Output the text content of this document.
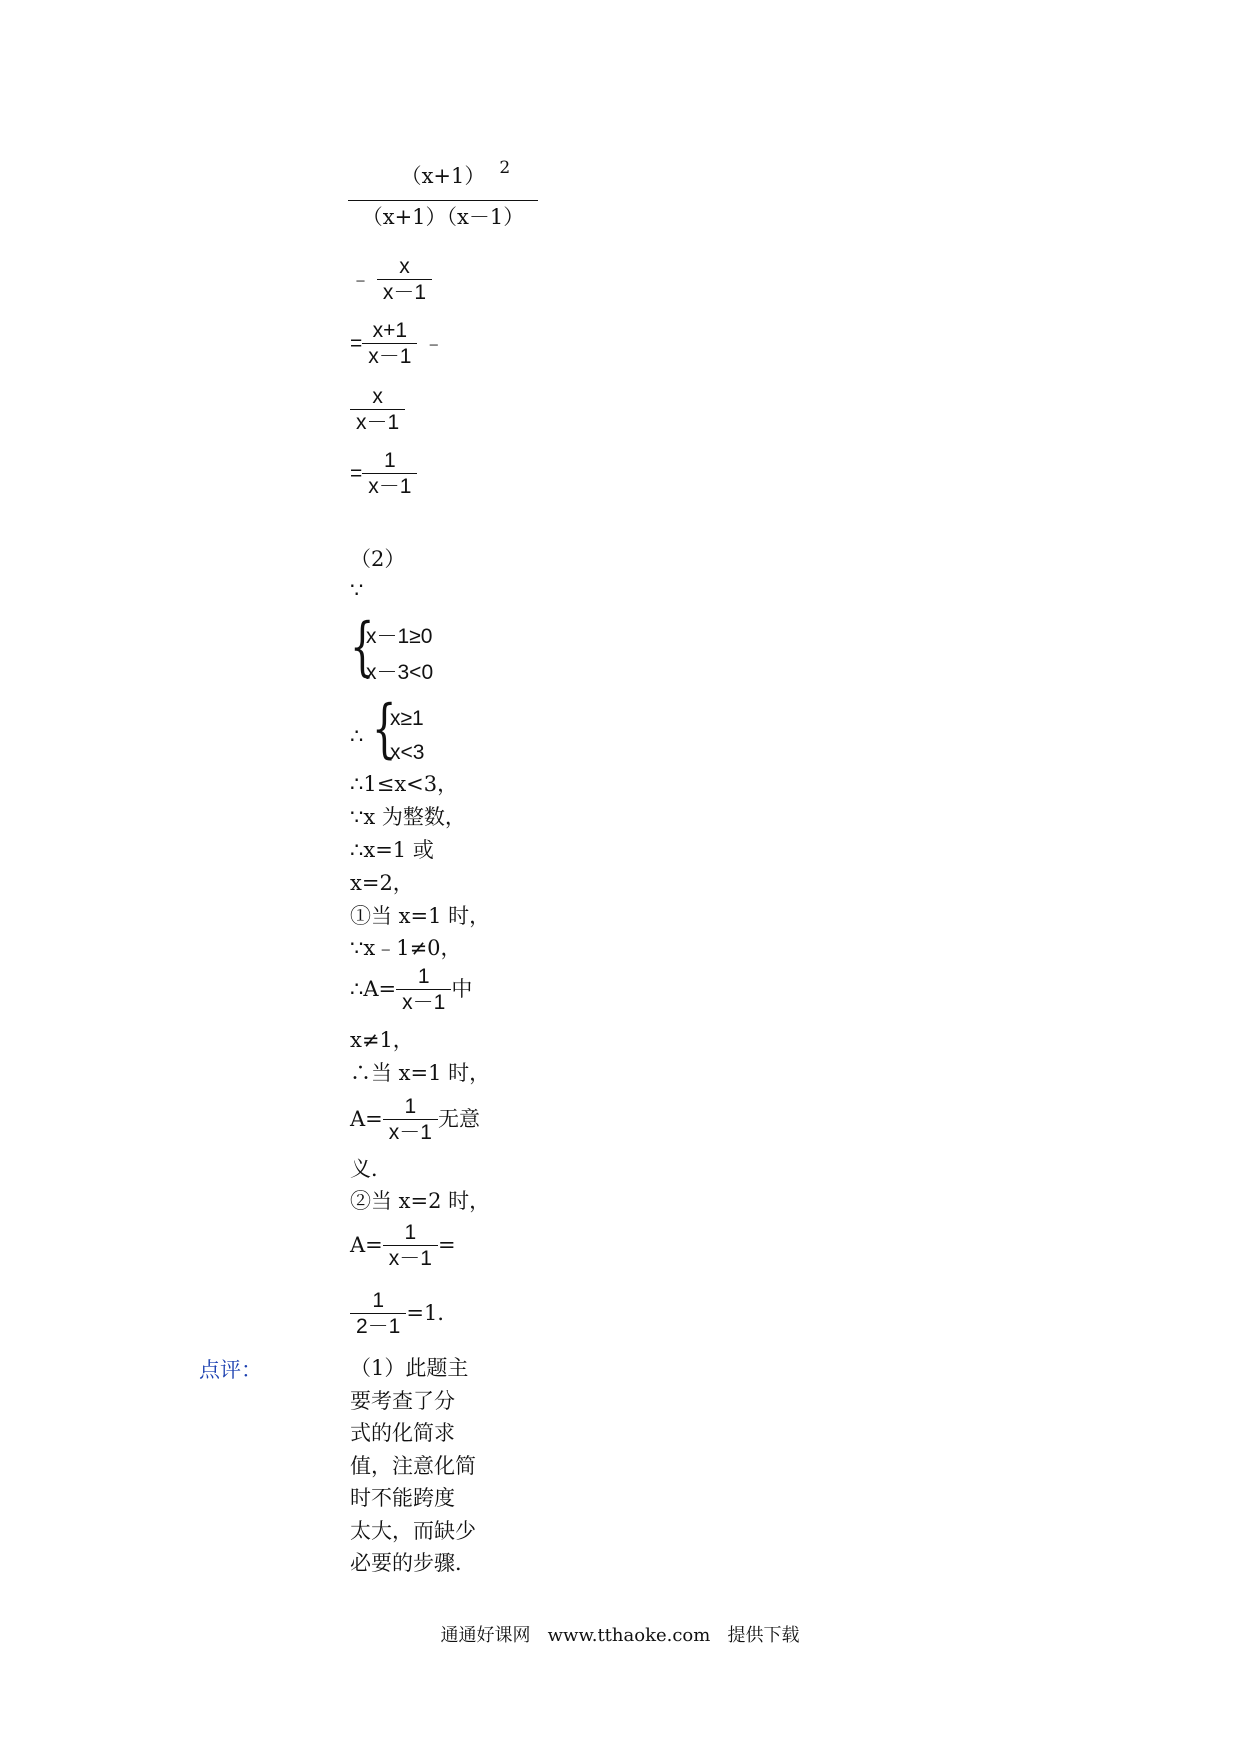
（x+1） 2
（x+1）（x－1）
﹣ $\frac{x}{x-1}$
= $\frac{x+1}{x-1}$ ﹣
$\frac{x}{x-1}$
= $\frac{1}{x-1}$
（2）
∵
{
x－1≥0
x－3<0
∴ {
x≥1
x<3
∴1≤x<3，
∵x 为整数，
∴x=1 或
x=2，
①当 x=1 时，
∵x﹣1≠0，
∴A= $\frac{1}{x-1}$ 中
x≠1，
∴当 x=1 时，
$A= \frac{1}{x-1}$ 无意
义．
②当 x=2 时，
$A= \frac{1}{x-1}$ =
$\frac{1}{2-1} =1$．
点评：	（1）此题主
要考查了分
式的化简求
值，注意化简
时不能跨度
太大，而缺少
必要的步骤．
通通好课网   www.tthaoke.com   提供下载
